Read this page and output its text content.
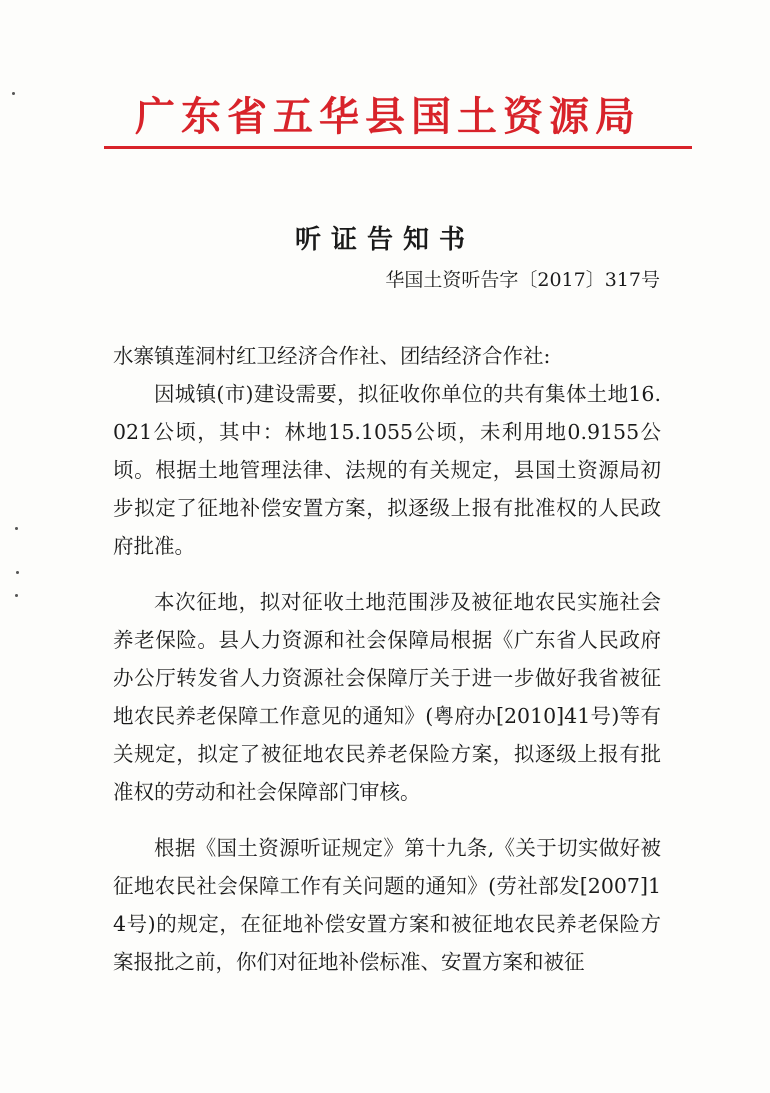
广东省五华县国土资源局
听证告知书
华国土资听告字〔2017〕317号
水寨镇莲洞村红卫经济合作社、团结经济合作社:

因城镇(市)建设需要，拟征收你单位的共有集体土地16.021公顷，其中：林地15.1055公顷，未利用地0.9155公顷。根据土地管理法律、法规的有关规定，县国土资源局初步拟定了征地补偿安置方案，拟逐级上报有批准权的人民政府批准。

本次征地，拟对征收土地范围涉及被征地农民实施社会养老保险。县人力资源和社会保障局根据《广东省人民政府办公厅转发省人力资源社会保障厅关于进一步做好我省被征地农民养老保障工作意见的通知》(粤府办[2010]41号)等有关规定，拟定了被征地农民养老保险方案，拟逐级上报有批准权的劳动和社会保障部门审核。

根据《国土资源听证规定》第十九条,《关于切实做好被征地农民社会保障工作有关问题的通知》(劳社部发[2007]14号)的规定，在征地补偿安置方案和被征地农民养老保险方案报批之前，你们对征地补偿标准、安置方案和被征
